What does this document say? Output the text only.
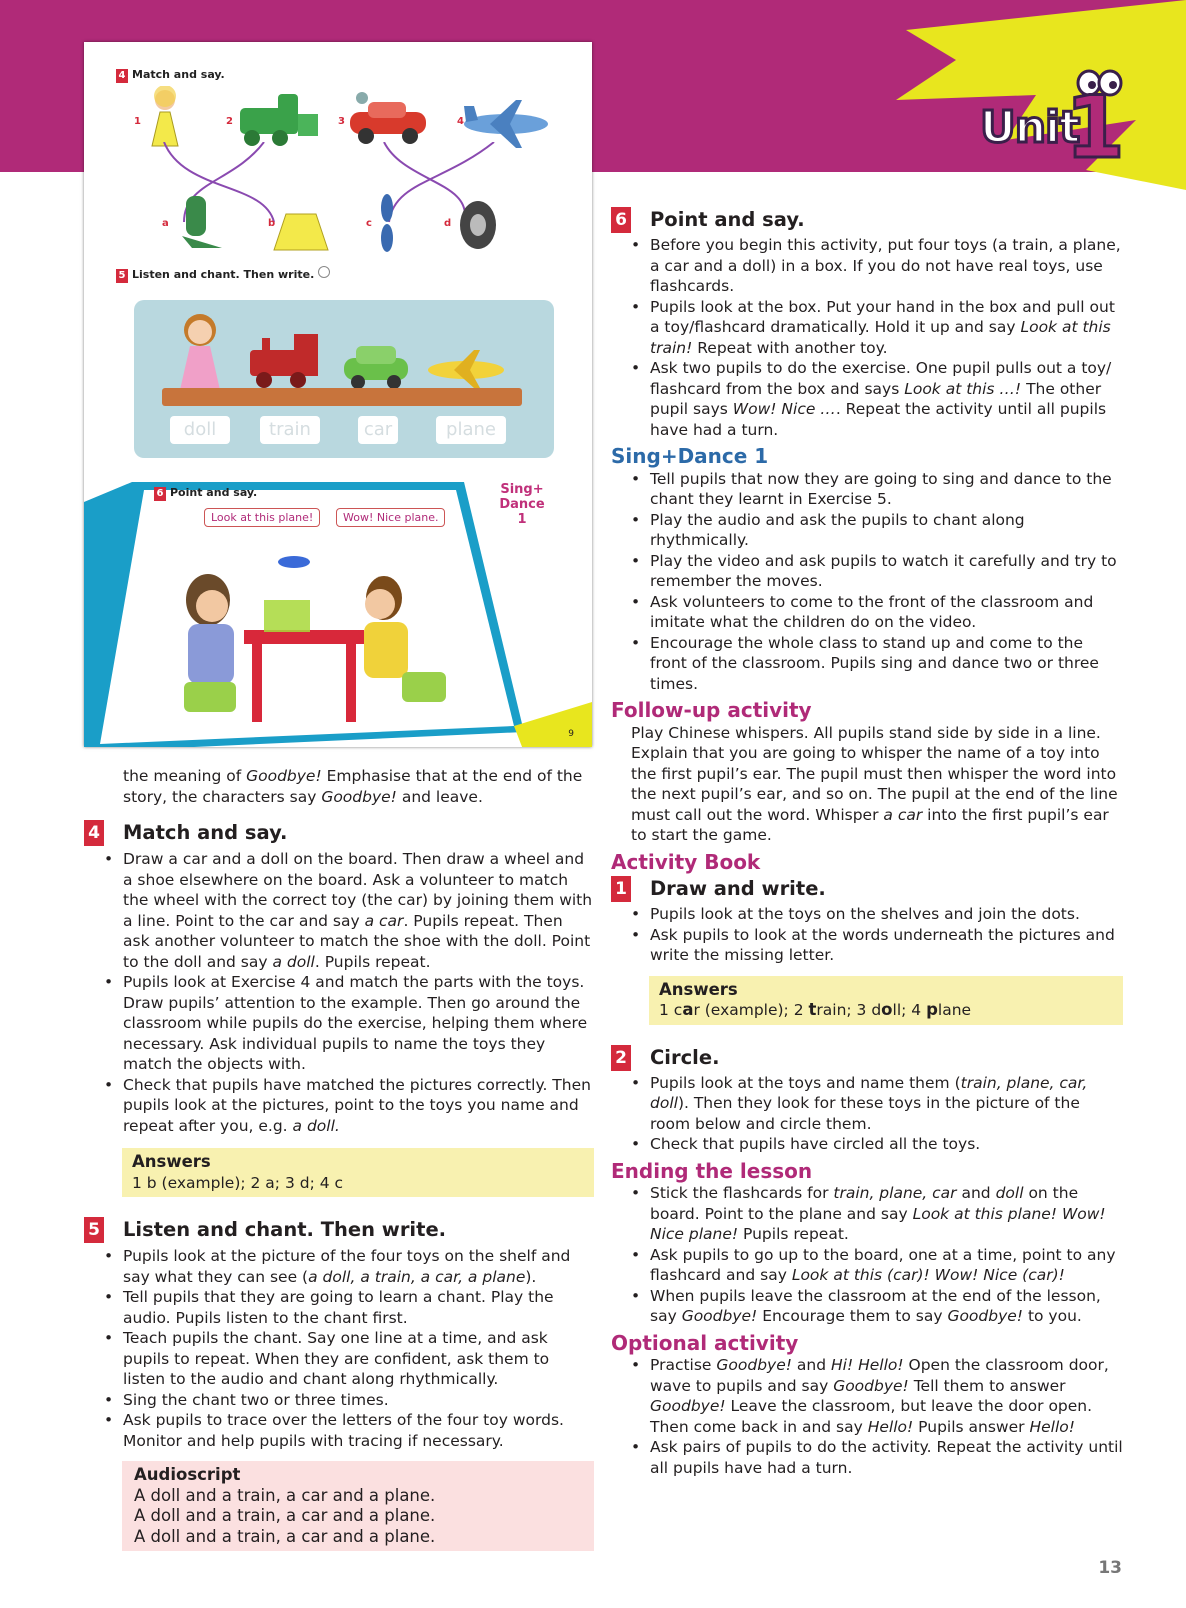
Unit
1
4 Match and say.
1	2	3	4
a	b	c	d
5 Listen and chant. Then write.
doll	train	car	plane
6 Point and say.
Look at this plane!	Wow! Nice plane.
Sing+
Dance
1
9

the meaning of Goodbye! Emphasise that at the end of the story, the characters say Goodbye! and leave.

4	Match and say.

• Draw a car and a doll on the board. Then draw a wheel and a shoe elsewhere on the board. Ask a volunteer to match the wheel with the correct toy (the car) by joining them with a line. Point to the car and say a car. Pupils repeat. Then ask another volunteer to match the shoe with the doll. Point to the doll and say a doll. Pupils repeat.
• Pupils look at Exercise 4 and match the parts with the toys. Draw pupils’ attention to the example. Then go around the classroom while pupils do the exercise, helping them where necessary. Ask individual pupils to name the toys they match the objects with.
• Check that pupils have matched the pictures correctly. Then pupils look at the pictures, point to the toys you name and repeat after you, e.g. a doll.
Answers
1 b (example); 2 a; 3 d; 4 c
5	Listen and chant. Then write.

• Pupils look at the picture of the four toys on the shelf and say what they can see (a doll, a train, a car, a plane).
• Tell pupils that they are going to learn a chant. Play the audio. Pupils listen to the chant first.
• Teach pupils the chant. Say one line at a time, and ask pupils to repeat. When they are confident, ask them to listen to the audio and chant along rhythmically.
• Sing the chant two or three times.
• Ask pupils to trace over the letters of the four toy words. Monitor and help pupils with tracing if necessary.
Audioscript
A doll and a train, a car and a plane.
A doll and a train, a car and a plane.
A doll and a train, a car and a plane.
6	Point and say.

• Before you begin this activity, put four toys (a train, a plane, a car and a doll) in a box. If you do not have real toys, use flashcards.
• Pupils look at the box. Put your hand in the box and pull out a toy/flashcard dramatically. Hold it up and say Look at this train! Repeat with another toy.
• Ask two pupils to do the exercise. One pupil pulls out a toy/ flashcard from the box and says Look at this …! The other pupil says Wow! Nice …. Repeat the activity until all pupils have had a turn.

Sing+Dance 1

• Tell pupils that now they are going to sing and dance to the chant they learnt in Exercise 5.
• Play the audio and ask the pupils to chant along rhythmically.
• Play the video and ask pupils to watch it carefully and try to remember the moves.
• Ask volunteers to come to the front of the classroom and imitate what the children do on the video.
• Encourage the whole class to stand up and come to the front of the classroom. Pupils sing and dance two or three times.

Follow-up activity

Play Chinese whispers. All pupils stand side by side in a line. Explain that you are going to whisper the name of a toy into the first pupil’s ear. The pupil must then whisper the word into the next pupil’s ear, and so on. The pupil at the end of the line must call out the word. Whisper a car into the first pupil’s ear to start the game.

Activity Book

1	Draw and write.

• Pupils look at the toys on the shelves and join the dots.
• Ask pupils to look at the words underneath the pictures and write the missing letter.
Answers
1 car (example); 2 train; 3 doll; 4 plane
2	Circle.

• Pupils look at the toys and name them (train, plane, car, doll). Then they look for these toys in the picture of the room below and circle them.
• Check that pupils have circled all the toys.

Ending the lesson

• Stick the flashcards for train, plane, car and doll on the board. Point to the plane and say Look at this plane! Wow! Nice plane! Pupils repeat.
• Ask pupils to go up to the board, one at a time, point to any flashcard and say Look at this (car)! Wow! Nice (car)!
• When pupils leave the classroom at the end of the lesson, say Goodbye! Encourage them to say Goodbye! to you.

Optional activity

• Practise Goodbye! and Hi! Hello! Open the classroom door, wave to pupils and say Goodbye! Tell them to answer Goodbye! Leave the classroom, but leave the door open. Then come back in and say Hello! Pupils answer Hello!
• Ask pairs of pupils to do the activity. Repeat the activity until all pupils have had a turn.
13
